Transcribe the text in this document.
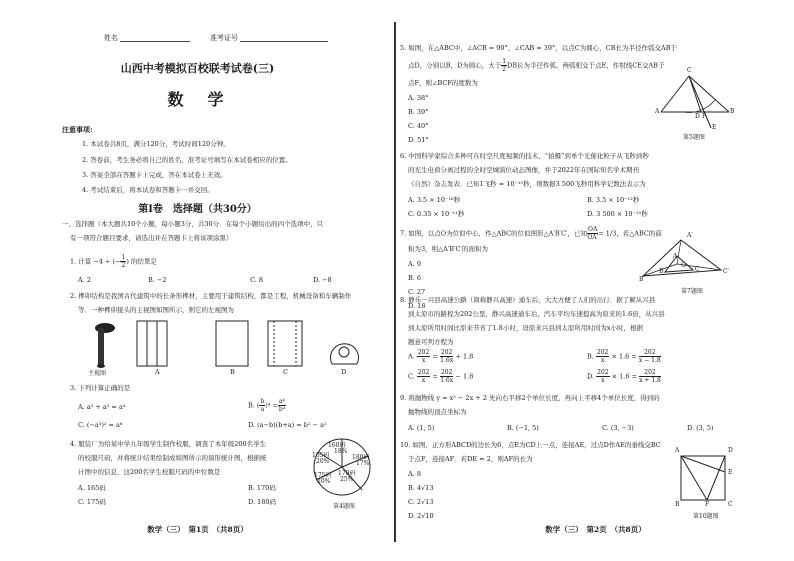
姓名	准考证号
山西中考模拟百校联考试卷(三)
数　学
注意事项:
1. 本试卷共8页，满分120分，考试时间120分钟。
2. 答卷前，考生务必将自己的姓名、准考证号填写在本试卷相应的位置。
3. 答案全部在答题卡上完成，答在本试卷上无效。
4. 考试结束后，将本试卷和答题卡一并交回。
第Ⅰ卷　选择题（共30分）
一、选择题（本大题共10个小题，每小题3分，共30分．在每个小题给出的四个选项中，只
有一项符合题目要求，请选出并在答题卡上将该项涂黑）
1. 计算 −4 ÷ (− $\frac{1}{2}$ ) 的结果是
A. 2	B. −2	C. 8	D. −8
2. 榫卯结构是我国古代建筑中的长条形榫材，主要用于建筑结构，都是工程，机械设备和车辆制作
等．一种榫卯接头的主视图如图所示，则它的左视图为
主视图	A	B	C	D
3. 下列计算正确的是
A. a² + a² = a⁴	B. ( $\frac{b}{a} )^4 = \frac{\text{a⁴}}{\text{b⁴}}$
C. (−a³)² = a⁶	D. (a−b)(b+a) = b² − a²
4. 服装厂为给某中学九年级学生制作校服，调查了本年级200名学生
的校服尺码，并将统计结果绘制成如图所示的扇形统计图，根据统
计图中的信息，这200名学生校服尺码的中位数是
A. 165码	B. 170码
C. 175码	D. 180码
160码
18%
165码
20%
170码
25%
175码
20%
180码
17%
第4题图
数学（三）　第1页　（共8页）
5. 如图，在△ABC中，∠ACB = 90°，∠CAB = 39°，以点C为圆心，CB长为半径作弧交AB于
点D，分别以B，D为圆心，大于 $\frac{1}{2}$ DB长为半径作弧，两弧相交于点E，作射线CE交AB于
点F，则∠BCF的度数为
A. 38°
B. 39°
C. 40°
D. 51°
C
A
D F
B
E
第5题图
6. 中国科学家综合多种可在时空尺度视频的技术，“拍摄”到单个光催化粒子从飞秒到秒
的光生电荷分离过程的全时空城演位动态图像，并于2022年在国际知名学术期刊
《自然》杂志发表．已知1飞秒 = 10⁻¹⁵秒，则数据3 500飞秒用科学记数法表示为
A. 3.5 × 10⁻¹⁶秒	B. 3.5 × 10⁻¹²秒
C. 0.35 × 10⁻¹¹秒	D. 3 500 × 10⁻¹⁵秒
7. 如图，以点O为位似中心，作△ABC的位似图形△A′B′C′，已知 $\frac{OA}{OA'} = 1/3$，若△ABC的面
积为3，则△A′B′C′的面积为
A. 9
B. 6
C. 27
D. 18
A′
A
O
B	C
B′
C′
第7题图
8. 静乐一兴县高速公路（简称静兴高速）通车后，大大方便了人们的出行．据了解从兴县
到太原市的路程为202公里，静兴高速通车后，汽车平均车速提高为原来的1.6倍，从兴县
到太原所用时间比原来节省了1.8小时，设原来兴县到太原所用时间为x小时，根据
题意可列方程为
A. $\frac{202}{x} = \frac{202}{1.6x} + 1.8$	B. $\frac{202}{x} \times 1.6 = \frac{202}{x - 1.8}$
C. $\frac{202}{x} = \frac{202}{1.6x} - 1.8$	D. $\frac{202}{x} \times 1.6 = \frac{202}{x + 1.8}$
9. 将抛物线 y = x² − 2x + 2 先向右平移2个单位长度，再向上平移4个单位长度，得到的
抛物线的顶点坐标为
A. (1, 5)	B. (−1, 5)	C. (3, −3)	D. (3, 5)
10. 如图，正方形ABCD的边长为6，点E为CD上一点，连接AE，过点D作AE的垂线交BC
于点F，连接AF．若DE = 2，则AF的长为
A. 8
B. 4√13
C. 2√13
D. 2√10
A	D
E
B	F	C
第10题图
数学（三）　第2页　（共8页）
